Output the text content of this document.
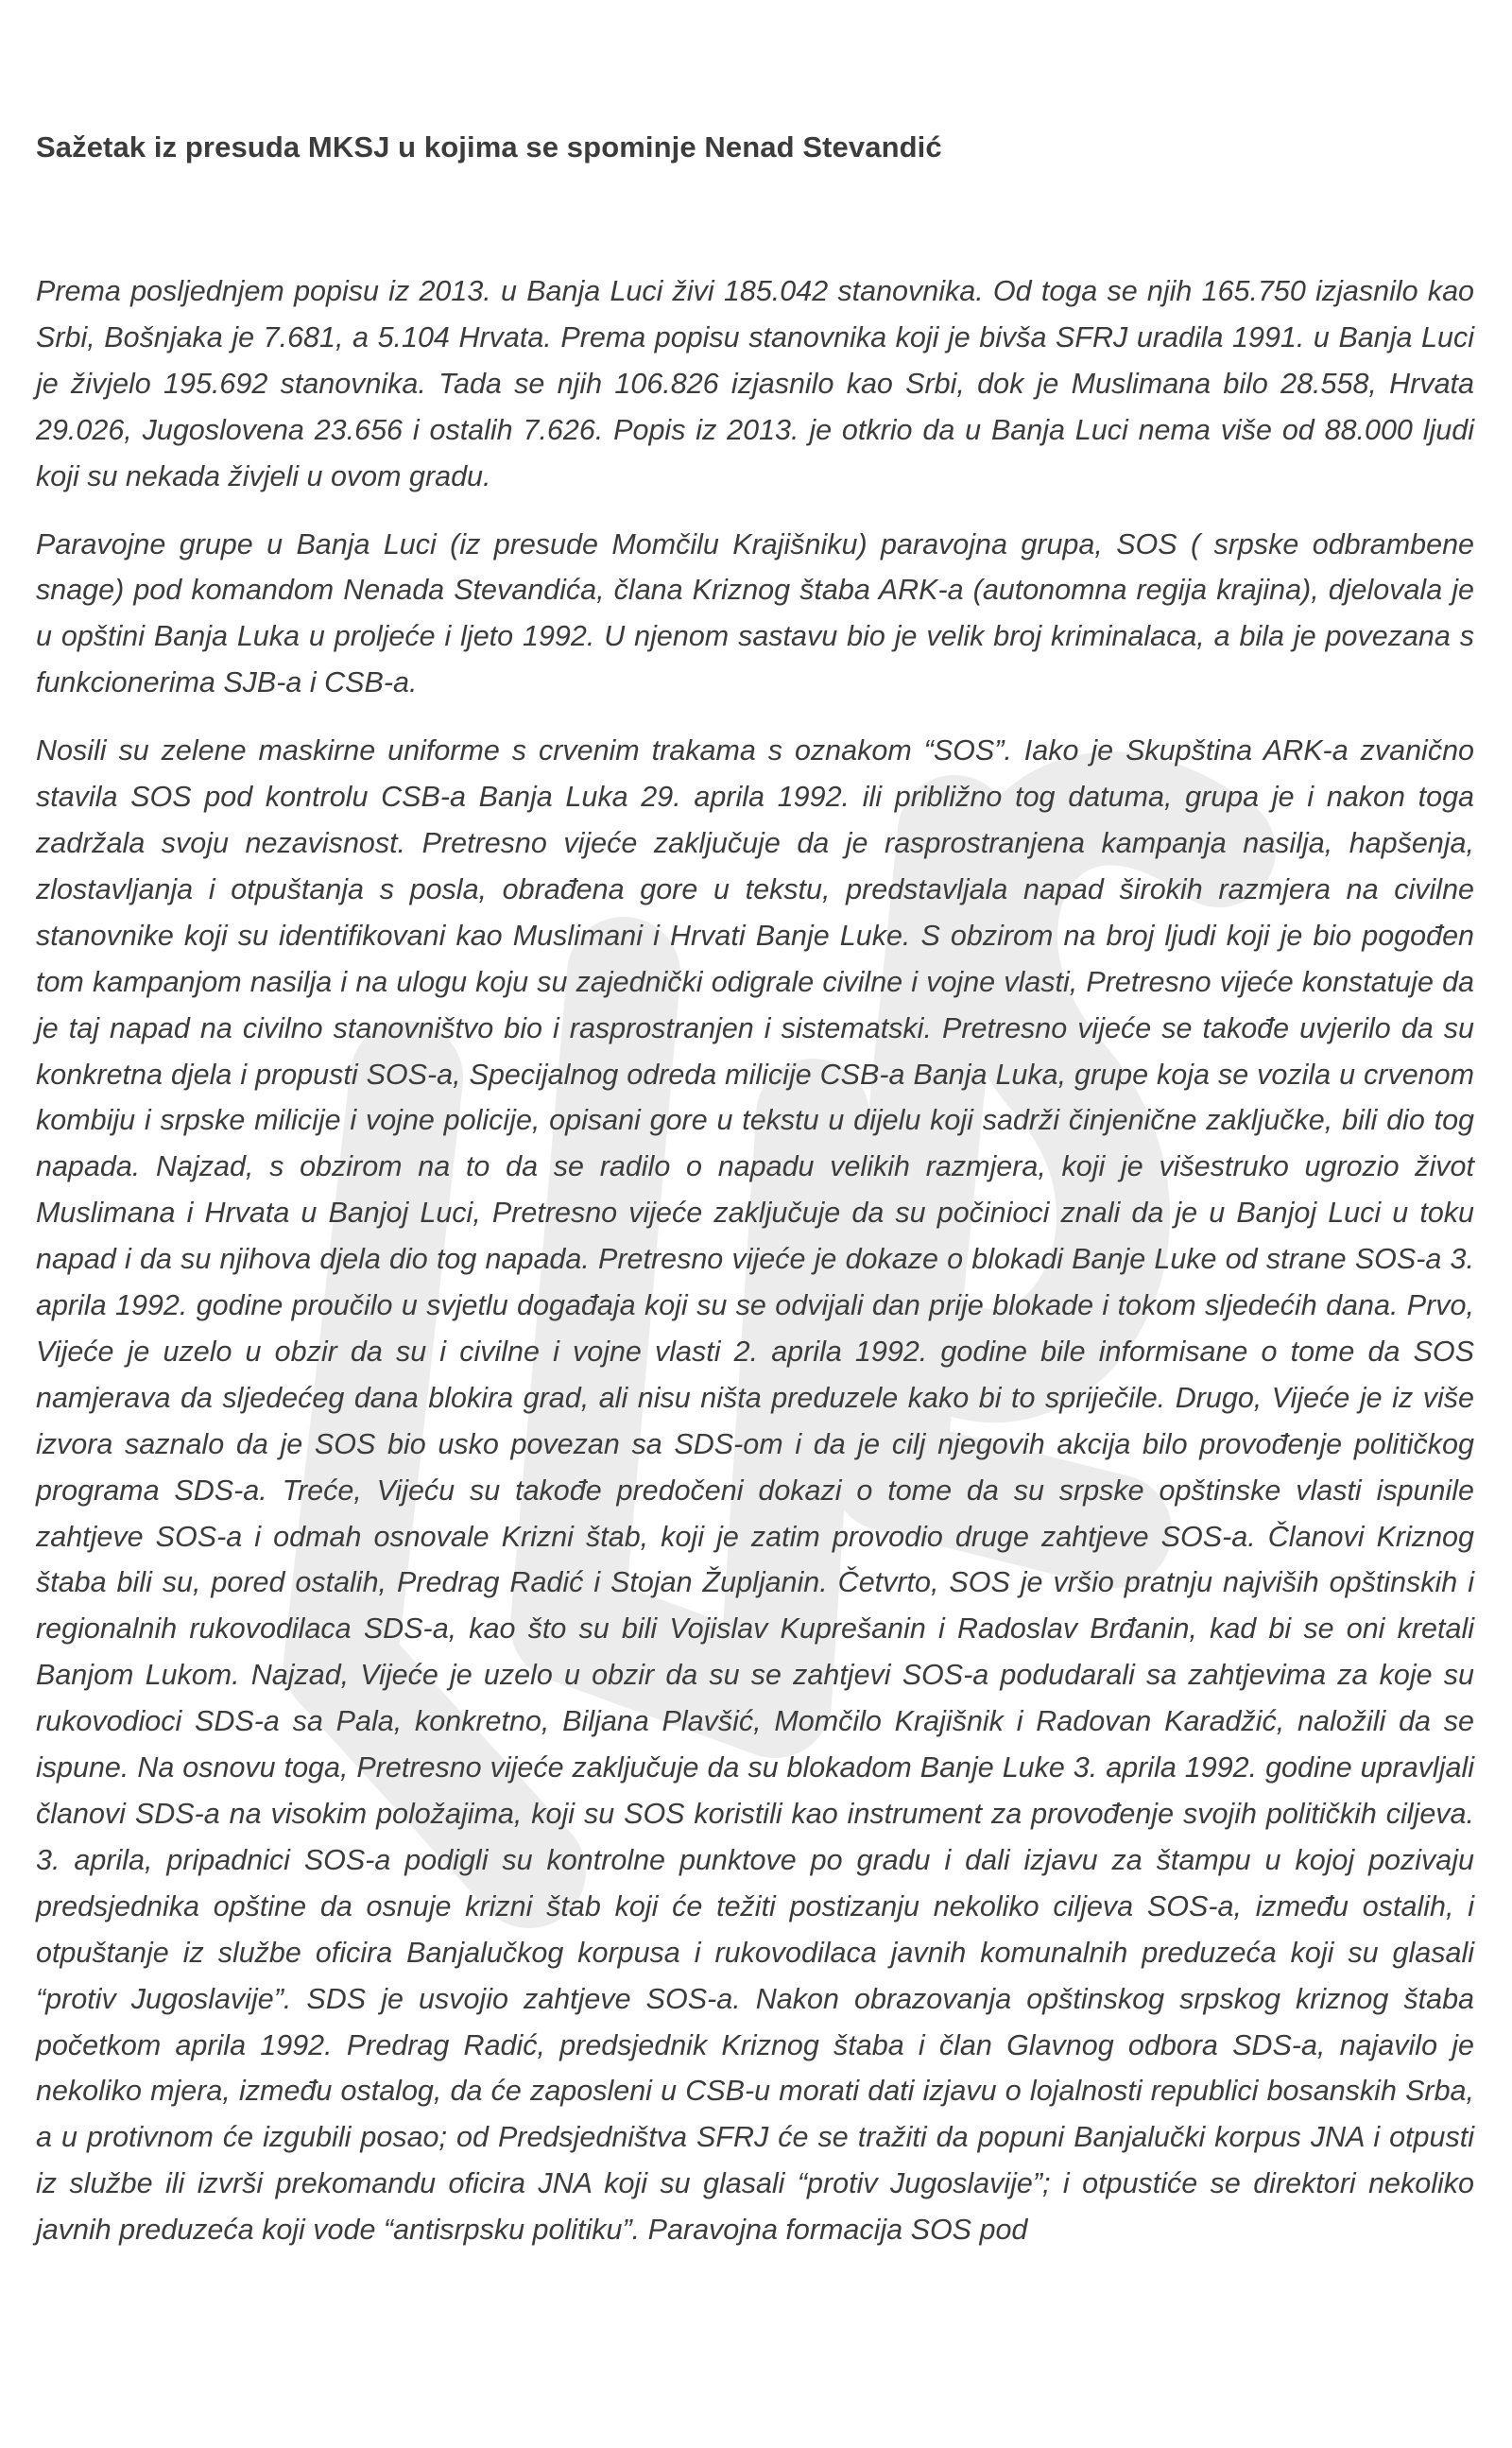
Sažetak iz presuda MKSJ u kojima se spominje Nenad Stevandić

Prema posljednjem popisu iz 2013. u Banja Luci živi 185.042 stanovnika. Od toga se njih 165.750 izjasnilo kao Srbi, Bošnjaka je 7.681, a 5.104 Hrvata. Prema popisu stanovnika koji je bivša SFRJ uradila 1991. u Banja Luci je živjelo 195.692 stanovnika. Tada se njih 106.826 izjasnilo kao Srbi, dok je Muslimana bilo 28.558, Hrvata 29.026, Jugoslovena 23.656 i ostalih 7.626. Popis iz 2013. je otkrio da u Banja Luci nema više od 88.000 ljudi koji su nekada živjeli u ovom gradu.

Paravojne grupe u Banja Luci (iz presude Momčilu Krajišniku) paravojna grupa, SOS ( srpske odbrambene snage) pod komandom Nenada Stevandića, člana Kriznog štaba ARK-a (autonomna regija krajina), djelovala je u opštini Banja Luka u proljeće i ljeto 1992. U njenom sastavu bio je velik broj kriminalaca, a bila je povezana s funkcionerima SJB-a i CSB-a.

Nosili su zelene maskirne uniforme s crvenim trakama s oznakom “SOS”. Iako je Skupština ARK-a zvanično stavila SOS pod kontrolu CSB-a Banja Luka 29. aprila 1992. ili približno tog datuma, grupa je i nakon toga zadržala svoju nezavisnost. Pretresno vijeće zaključuje da je rasprostranjena kampanja nasilja, hapšenja, zlostavljanja i otpuštanja s posla, obrađena gore u tekstu, predstavljala napad širokih razmjera na civilne stanovnike koji su identifikovani kao Muslimani i Hrvati Banje Luke. S obzirom na broj ljudi koji je bio pogođen tom kampanjom nasilja i na ulogu koju su zajednički odigrale civilne i vojne vlasti, Pretresno vijeće konstatuje da je taj napad na civilno stanovništvo bio i rasprostranjen i sistematski. Pretresno vijeće se takođe uvjerilo da su konkretna djela i propusti SOS-a, Specijalnog odreda milicije CSB-a Banja Luka, grupe koja se vozila u crvenom kombiju i srpske milicije i vojne policije, opisani gore u tekstu u dijelu koji sadrži činjenične zaključke, bili dio tog napada. Najzad, s obzirom na to da se radilo o napadu velikih razmjera, koji je višestruko ugrozio život Muslimana i Hrvata u Banjoj Luci, Pretresno vijeće zaključuje da su počinioci znali da je u Banjoj Luci u toku napad i da su njihova djela dio tog napada. Pretresno vijeće je dokaze o blokadi Banje Luke od strane SOS-a 3. aprila 1992. godine proučilo u svjetlu događaja koji su se odvijali dan prije blokade i tokom sljedećih dana. Prvo, Vijeće je uzelo u obzir da su i civilne i vojne vlasti 2. aprila 1992. godine bile informisane o tome da SOS namjerava da sljedećeg dana blokira grad, ali nisu ništa preduzele kako bi to spriječile. Drugo, Vijeće je iz više izvora saznalo da je SOS bio usko povezan sa SDS-om i da je cilj njegovih akcija bilo provođenje političkog programa SDS-a. Treće, Vijeću su takođe predočeni dokazi o tome da su srpske opštinske vlasti ispunile zahtjeve SOS-a i odmah osnovale Krizni štab, koji je zatim provodio druge zahtjeve SOS-a. Članovi Kriznog štaba bili su, pored ostalih, Predrag Radić i Stojan Župljanin. Četvrto, SOS je vršio pratnju najviših opštinskih i regionalnih rukovodilaca SDS-a, kao što su bili Vojislav Kuprešanin i Radoslav Brđanin, kad bi se oni kretali Banjom Lukom. Najzad, Vijeće je uzelo u obzir da su se zahtjevi SOS-a podudarali sa zahtjevima za koje su rukovodioci SDS-a sa Pala, konkretno, Biljana Plavšić, Momčilo Krajišnik i Radovan Karadžić, naložili da se ispune. Na osnovu toga, Pretresno vijeće zaključuje da su blokadom Banje Luke 3. aprila 1992. godine upravljali članovi SDS-a na visokim položajima, koji su SOS koristili kao instrument za provođenje svojih političkih ciljeva. 3. aprila, pripadnici SOS-a podigli su kontrolne punktove po gradu i dali izjavu za štampu u kojoj pozivaju predsjednika opštine da osnuje krizni štab koji će težiti postizanju nekoliko ciljeva SOS-a, između ostalih, i otpuštanje iz službe oficira Banjalučkog korpusa i rukovodilaca javnih komunalnih preduzeća koji su glasali “protiv Jugoslavije”. SDS je usvojio zahtjeve SOS-a. Nakon obrazovanja opštinskog srpskog kriznog štaba početkom aprila 1992. Predrag Radić, predsjednik Kriznog štaba i član Glavnog odbora SDS-a, najavilo je nekoliko mjera, između ostalog, da će zaposleni u CSB-u morati dati izjavu o lojalnosti republici bosanskih Srba, a u protivnom će izgubili posao; od Predsjedništva SFRJ će se tražiti da popuni Banjalučki korpus JNA i otpusti iz službe ili izvrši prekomandu oficira JNA koji su glasali “protiv Jugoslavije”; i otpustiće se direktori nekoliko javnih preduzeća koji vode “antisrpsku politiku”. Paravojna formacija SOS pod
